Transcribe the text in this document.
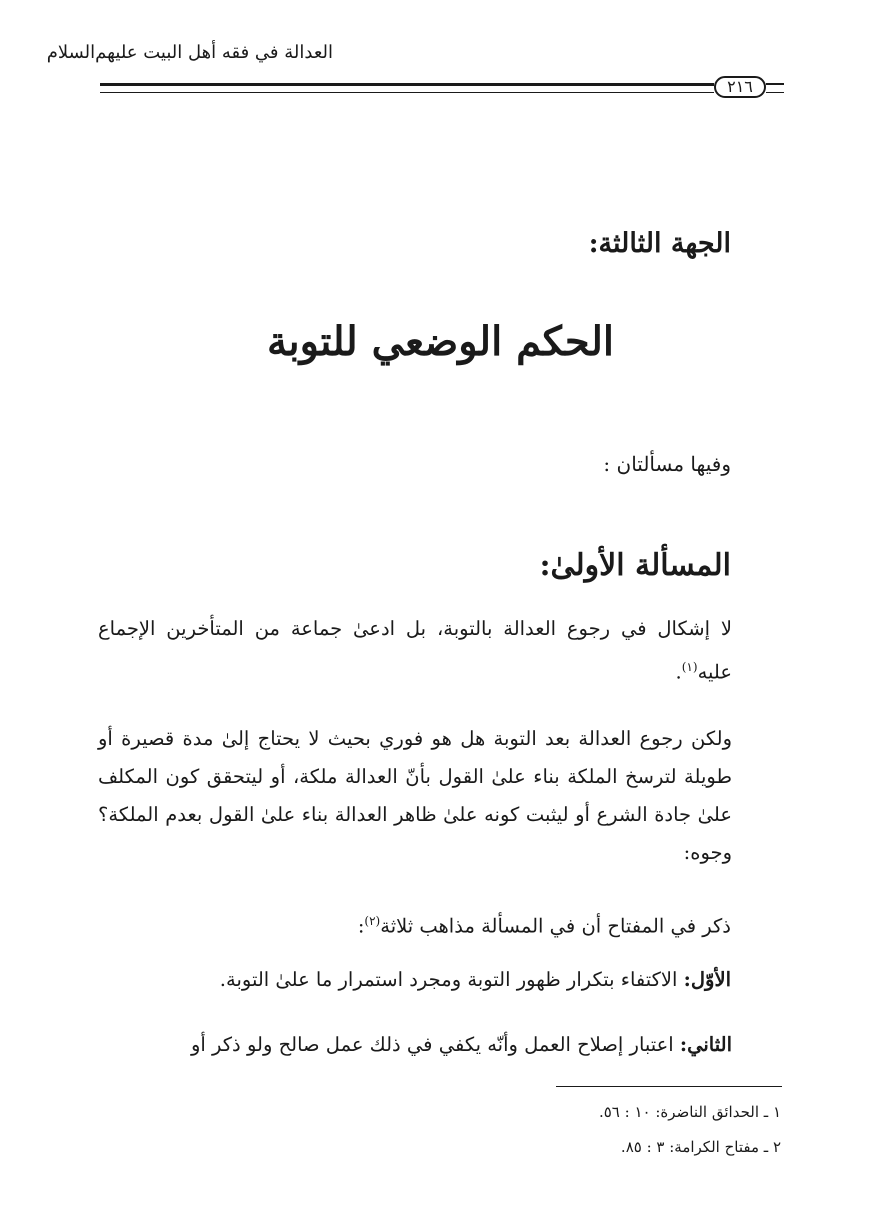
العدالة في فقه أهل البيت عليهم‌السلام
٢١٦
الجهة الثالثة:
الحكم الوضعي للتوبة
وفيها مسألتان :
المسألة الأولىٰ:
لا إشكال في رجوع العدالة بالتوبة، بل ادعىٰ جماعة من المتأخرين الإجماع عليه$^{(١)}$.
ولكن رجوع العدالة بعد التوبة هل هو فوري بحيث لا يحتاج إلىٰ مدة قصيرة أو طويلة لترسخ الملكة بناء علىٰ القول بأنّ العدالة ملكة، أو ليتحقق كون المكلف علىٰ جادة الشرع أو ليثبت كونه علىٰ ظاهر العدالة بناء علىٰ القول بعدم الملكة؟ وجوه:
ذكر في المفتاح أن في المسألة مذاهب ثلاثة$^{(٢)}$:
الأوّل: الاكتفاء بتكرار ظهور التوبة ومجرد استمرار ما علىٰ التوبة.
الثاني: اعتبار إصلاح العمل وأنّه يكفي في ذلك عمل صالح ولو ذكر أو
١ ـ الحدائق الناضرة: ١٠ : ٥٦.
٢ ـ مفتاح الكرامة: ٣ : ٨٥.
